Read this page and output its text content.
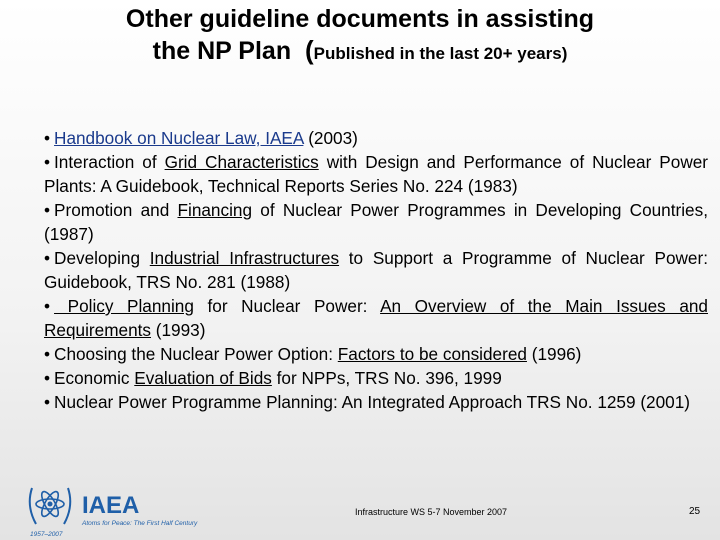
Other guideline documents in assisting
the NP Plan (Published in the last 20+ years)

• Handbook on Nuclear Law, IAEA (2003)

• Interaction of Grid Characteristics with Design and Performance of Nuclear Power Plants: A Guidebook, Technical Reports Series No. 224 (1983)

• Promotion and Financing of Nuclear Power Programmes in Developing Countries, (1987)

• Developing Industrial Infrastructures to Support a Programme of Nuclear Power: Guidebook, TRS No. 281 (1988)

• Policy Planning for Nuclear Power: An Overview of the Main Issues and Requirements (1993)

• Choosing the Nuclear Power Option: Factors to be considered (1996)

• Economic Evaluation of Bids for NPPs, TRS No. 396, 1999

• Nuclear Power Programme Planning: An Integrated Approach TRS No. 1259 (2001)

IAEA
Atoms for Peace: The First Half Century
1957–2007
Infrastructure WS 5-7 November 2007	25
